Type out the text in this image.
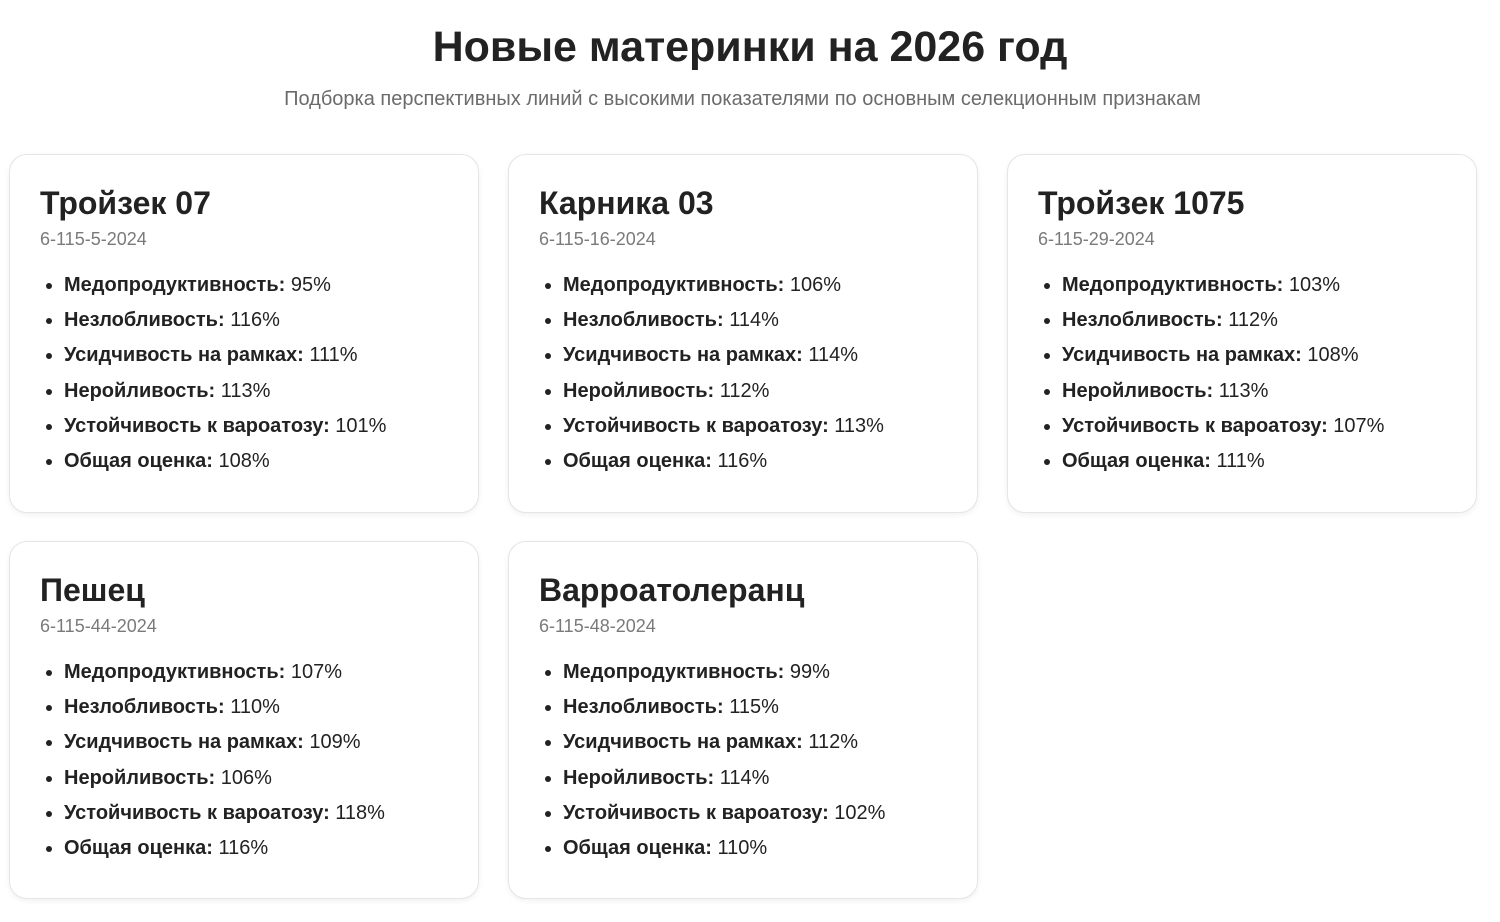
Новые материнки на 2026 год
Подборка перспективных линий с высокими показателями по основным селекционным признакам
Тройзек 07
6-115-5-2024
Медопродуктивность: 95%
Незлобливость: 116%
Усидчивость на рамках: 111%
Неройливость: 113%
Устойчивость к вароатозу: 101%
Общая оценка: 108%
Карника 03
6-115-16-2024
Медопродуктивность: 106%
Незлобливость: 114%
Усидчивость на рамках: 114%
Неройливость: 112%
Устойчивость к вароатозу: 113%
Общая оценка: 116%
Тройзек 1075
6-115-29-2024
Медопродуктивность: 103%
Незлобливость: 112%
Усидчивость на рамках: 108%
Неройливость: 113%
Устойчивость к вароатозу: 107%
Общая оценка: 111%
Пешец
6-115-44-2024
Медопродуктивность: 107%
Незлобливость: 110%
Усидчивость на рамках: 109%
Неройливость: 106%
Устойчивость к вароатозу: 118%
Общая оценка: 116%
Варроатолеранц
6-115-48-2024
Медопродуктивность: 99%
Незлобливость: 115%
Усидчивость на рамках: 112%
Неройливость: 114%
Устойчивость к вароатозу: 102%
Общая оценка: 110%
